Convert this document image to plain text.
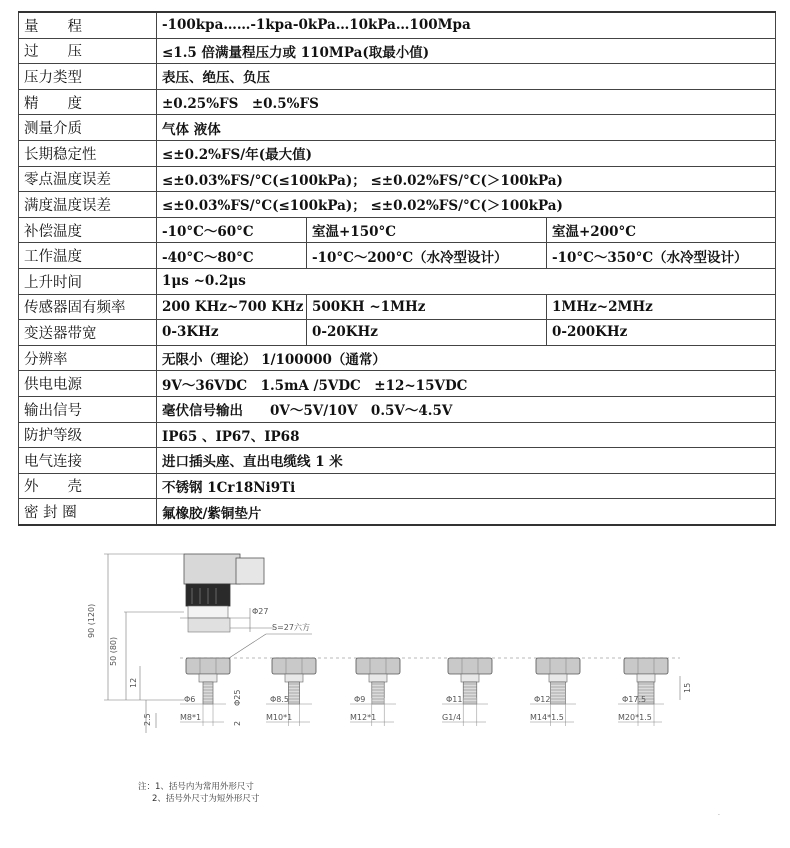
量　　程	-100kpa……-1kpa-0kPa…10kPa…100Mpa		
过　　压	≤1.5 倍满量程压力或 110MPa(取最小值)		
压力类型	表压、绝压、负压		
精　　度	±0.25%FS　±0.5%FS		
测量介质	气体 液体		
长期稳定性	≤±0.2%FS/年(最大值)		
零点温度误差	≤±0.03%FS/°C(≤100kPa)； ≤±0.02%FS/°C(＞100kPa)		
满度温度误差	≤±0.03%FS/°C(≤100kPa)； ≤±0.02%FS/°C(＞100kPa)		
补偿温度	-10°C～60°C	室温+150°C	室温+200°C
工作温度	-40°C～80°C	-10°C～200°C（水冷型设计）	-10°C～350°C（水冷型设计）
上升时间	1μs ~0.2μs		
传感器固有频率	200 KHz~700 KHz	500KH ~1MHz	1MHz~2MHz
变送器带宽	0-3KHz	0-20KHz	0-200KHz
分辨率	无限小（理论） 1/100000（通常）		
供电电源	9V～36VDC　1.5mA /5VDC　±12~15VDC		
输出信号	毫伏信号输出　　0V～5V/10V　0.5V～4.5V		
防护等级	IP65 、IP67、IP68		
电气连接	进口插头座、直出电缆线 1 米		
外　　壳	不锈钢 1Cr18Ni9Ti		
密 封 圈	氟橡胶/紫铜垫片		
90 (120)
50 (80)
12
2.5
Φ25
2
Φ27
S=27六方
15
Φ6
M8*1
Φ8.5
M10*1
Φ9
M12*1
Φ11
G1/4
Φ12
M14*1.5
Φ17.5
M20*1.5
注：1、括号内为常用外形尺寸
2、括号外尺寸为短外形尺寸
·
